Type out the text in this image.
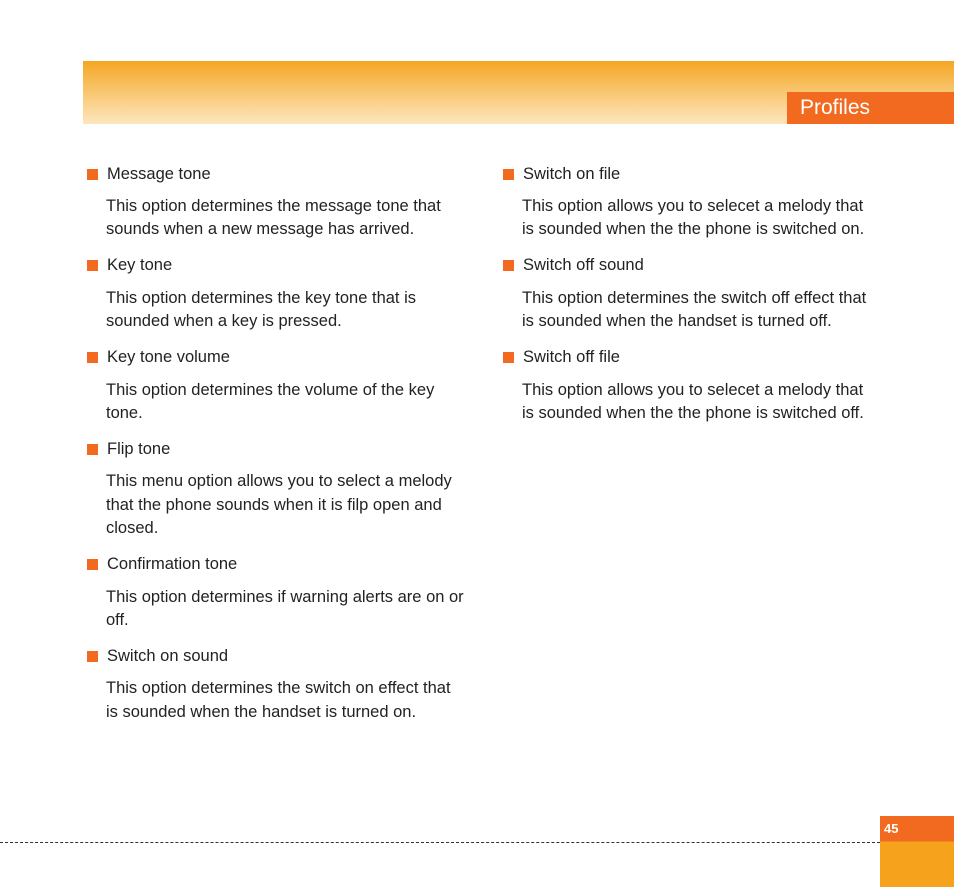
Profiles
Message tone
This option determines the message tone that sounds when a new message has arrived.
Key tone
This option determines the key tone that is sounded when a key is pressed.
Key tone volume
This option determines the volume of the key tone.
Flip tone
This menu option allows you to select a melody that the phone sounds when it is filp open and closed.
Confirmation tone
This option determines if warning alerts are on or off.
Switch on sound
This option determines the switch on effect that is sounded when the handset is turned on.
Switch on file
This option allows you to selecet a melody that is sounded when the the phone is switched on.
Switch off sound
This option determines the switch off effect that is sounded when the handset is turned off.
Switch off file
This option allows you to selecet a melody that is sounded when the the phone is switched off.
45
